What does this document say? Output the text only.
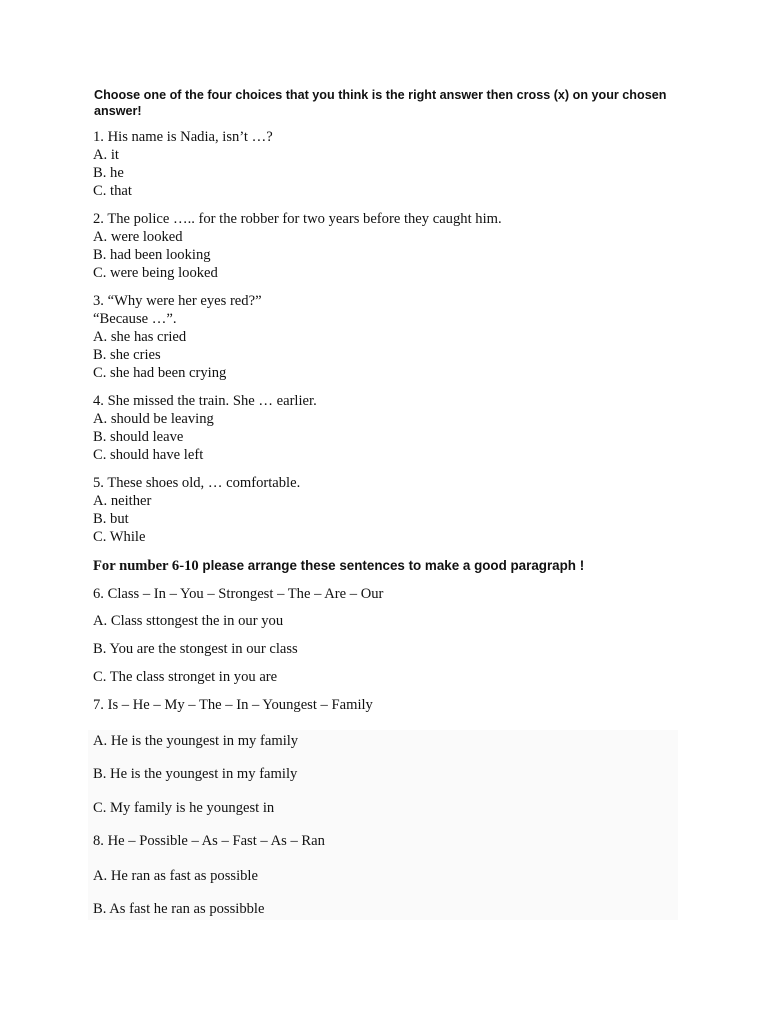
Choose one of the four choices that you think is the right answer then cross (x) on your chosen answer!
1. His name is Nadia, isn’t …?
A. it
B. he
C. that
2. The police ….. for the robber for two years before they caught him.
A. were looked
B. had been looking
C. were being looked
3. “Why were her eyes red?”
“Because …”.
A. she has cried
B. she cries
C. she had been crying
4. She missed the train. She … earlier.
A. should be leaving
B. should leave
C. should have left
5. These shoes old, … comfortable.
A. neither
B. but
C. While
For number 6-10 please arrange these sentences to make a good paragraph !
6. Class – In – You – Strongest – The – Are – Our
A. Class sttongest the in our you
B. You are the stongest in our class
C. The class stronget in you are
7. Is – He – My – The – In – Youngest – Family
A. He is the youngest in my family
B. He is the youngest in my family
C. My family is he youngest in
8. He – Possible – As – Fast – As – Ran
A. He ran as fast as possible
B. As fast he ran as possibble
